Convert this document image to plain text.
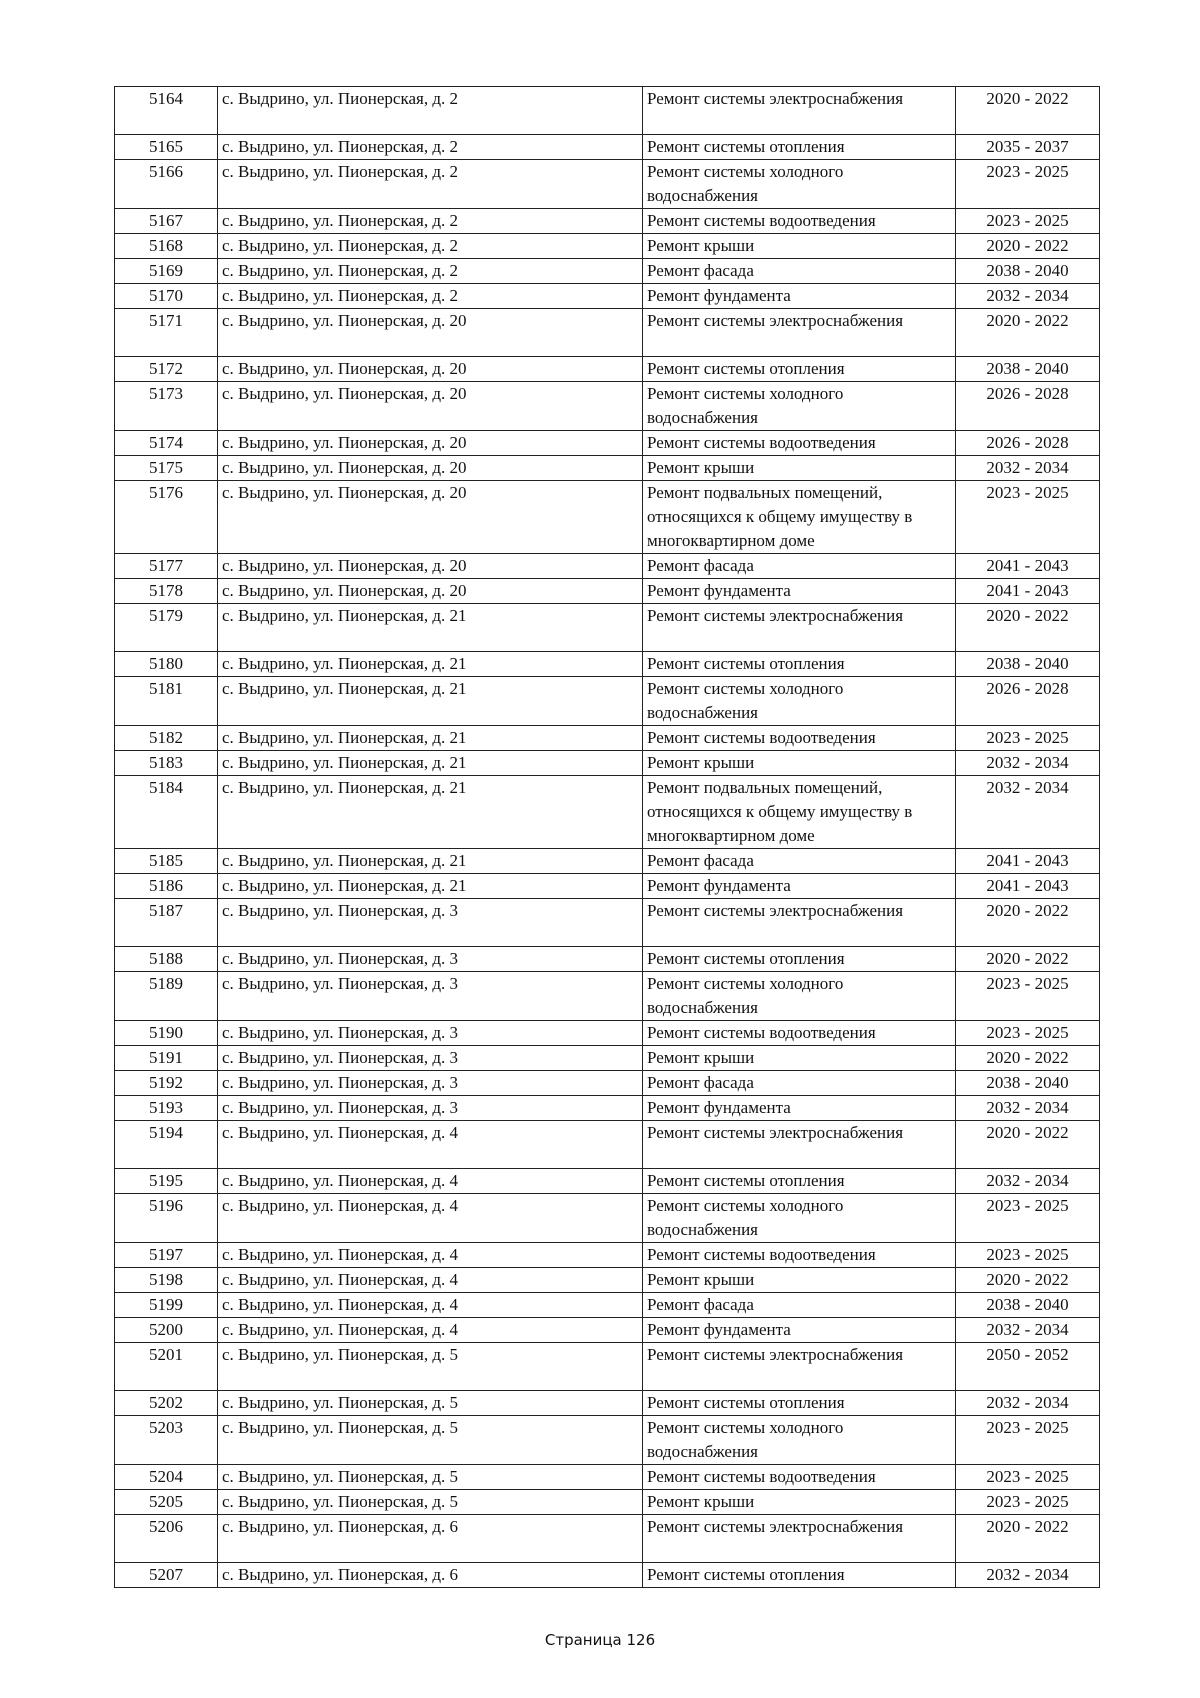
5164	с. Выдрино, ул. Пионерская, д. 2	Ремонт системы электроснабжения	2020 - 2022
5165	с. Выдрино, ул. Пионерская, д. 2	Ремонт системы отопления	2035 - 2037
5166	с. Выдрино, ул. Пионерская, д. 2	Ремонт системы холодного водоснабжения	2023 - 2025
5167	с. Выдрино, ул. Пионерская, д. 2	Ремонт системы водоотведения	2023 - 2025
5168	с. Выдрино, ул. Пионерская, д. 2	Ремонт крыши	2020 - 2022
5169	с. Выдрино, ул. Пионерская, д. 2	Ремонт фасада	2038 - 2040
5170	с. Выдрино, ул. Пионерская, д. 2	Ремонт фундамента	2032 - 2034
5171	с. Выдрино, ул. Пионерская, д. 20	Ремонт системы электроснабжения	2020 - 2022
5172	с. Выдрино, ул. Пионерская, д. 20	Ремонт системы отопления	2038 - 2040
5173	с. Выдрино, ул. Пионерская, д. 20	Ремонт системы холодного водоснабжения	2026 - 2028
5174	с. Выдрино, ул. Пионерская, д. 20	Ремонт системы водоотведения	2026 - 2028
5175	с. Выдрино, ул. Пионерская, д. 20	Ремонт крыши	2032 - 2034
5176	с. Выдрино, ул. Пионерская, д. 20	Ремонт подвальных помещений, относящихся к общему имуществу в многоквартирном доме	2023 - 2025
5177	с. Выдрино, ул. Пионерская, д. 20	Ремонт фасада	2041 - 2043
5178	с. Выдрино, ул. Пионерская, д. 20	Ремонт фундамента	2041 - 2043
5179	с. Выдрино, ул. Пионерская, д. 21	Ремонт системы электроснабжения	2020 - 2022
5180	с. Выдрино, ул. Пионерская, д. 21	Ремонт системы отопления	2038 - 2040
5181	с. Выдрино, ул. Пионерская, д. 21	Ремонт системы холодного водоснабжения	2026 - 2028
5182	с. Выдрино, ул. Пионерская, д. 21	Ремонт системы водоотведения	2023 - 2025
5183	с. Выдрино, ул. Пионерская, д. 21	Ремонт крыши	2032 - 2034
5184	с. Выдрино, ул. Пионерская, д. 21	Ремонт подвальных помещений, относящихся к общему имуществу в многоквартирном доме	2032 - 2034
5185	с. Выдрино, ул. Пионерская, д. 21	Ремонт фасада	2041 - 2043
5186	с. Выдрино, ул. Пионерская, д. 21	Ремонт фундамента	2041 - 2043
5187	с. Выдрино, ул. Пионерская, д. 3	Ремонт системы электроснабжения	2020 - 2022
5188	с. Выдрино, ул. Пионерская, д. 3	Ремонт системы отопления	2020 - 2022
5189	с. Выдрино, ул. Пионерская, д. 3	Ремонт системы холодного водоснабжения	2023 - 2025
5190	с. Выдрино, ул. Пионерская, д. 3	Ремонт системы водоотведения	2023 - 2025
5191	с. Выдрино, ул. Пионерская, д. 3	Ремонт крыши	2020 - 2022
5192	с. Выдрино, ул. Пионерская, д. 3	Ремонт фасада	2038 - 2040
5193	с. Выдрино, ул. Пионерская, д. 3	Ремонт фундамента	2032 - 2034
5194	с. Выдрино, ул. Пионерская, д. 4	Ремонт системы электроснабжения	2020 - 2022
5195	с. Выдрино, ул. Пионерская, д. 4	Ремонт системы отопления	2032 - 2034
5196	с. Выдрино, ул. Пионерская, д. 4	Ремонт системы холодного водоснабжения	2023 - 2025
5197	с. Выдрино, ул. Пионерская, д. 4	Ремонт системы водоотведения	2023 - 2025
5198	с. Выдрино, ул. Пионерская, д. 4	Ремонт крыши	2020 - 2022
5199	с. Выдрино, ул. Пионерская, д. 4	Ремонт фасада	2038 - 2040
5200	с. Выдрино, ул. Пионерская, д. 4	Ремонт фундамента	2032 - 2034
5201	с. Выдрино, ул. Пионерская, д. 5	Ремонт системы электроснабжения	2050 - 2052
5202	с. Выдрино, ул. Пионерская, д. 5	Ремонт системы отопления	2032 - 2034
5203	с. Выдрино, ул. Пионерская, д. 5	Ремонт системы холодного водоснабжения	2023 - 2025
5204	с. Выдрино, ул. Пионерская, д. 5	Ремонт системы водоотведения	2023 - 2025
5205	с. Выдрино, ул. Пионерская, д. 5	Ремонт крыши	2023 - 2025
5206	с. Выдрино, ул. Пионерская, д. 6	Ремонт системы электроснабжения	2020 - 2022
5207	с. Выдрино, ул. Пионерская, д. 6	Ремонт системы отопления	2032 - 2034
Страница 126
